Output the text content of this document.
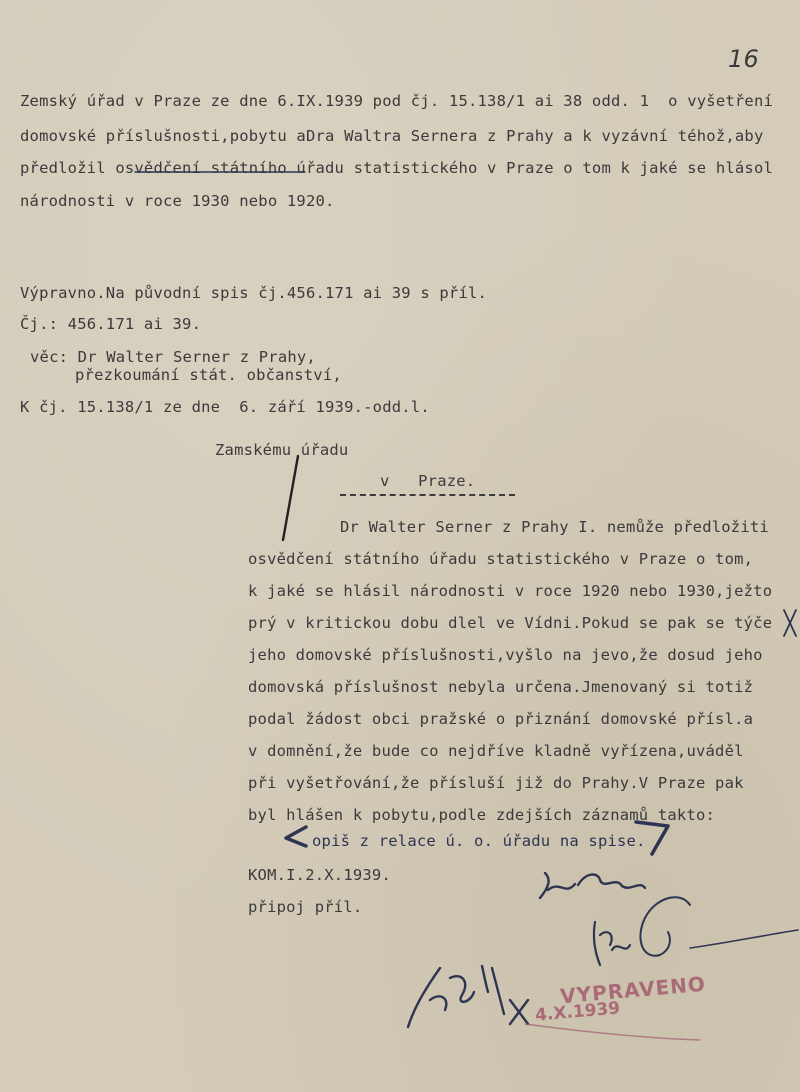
16
Zemský úřad v Praze ze dne 6.IX.1939 pod čj. 15.138/1 ai 38 odd. 1  o vyšetření
domovské příslušnosti,pobytu aDra Waltra Sernera z Prahy a k vyzávní téhož,aby
předložil osvědčení státního úřadu statistického v Praze o tom k jaké se hlásol
národnosti v roce 1930 nebo 1920.
Výpravno.Na původní spis čj.456.171 ai 39 s příl.
Čj.: 456.171 ai 39.
věc: Dr Walter Serner z Prahy,
přezkoumání stát. občanství,
K čj. 15.138/1 ze dne  6. září 1939.-odd.l.
Zamskému úřadu
v   Praze.
Dr Walter Serner z Prahy I. nemůže předložiti
osvědčení státního úřadu statistického v Praze o tom,
k jaké se hlásil národnosti v roce 1920 nebo 1930,ježto
prý v kritickou dobu dlel ve Vídni.Pokud se pak se týče
jeho domovské příslušnosti,vyšlo na jevo,že dosud jeho
domovská příslušnost nebyla určena.Jmenovaný si totiž
podal žádost obci pražské o přiznání domovské přísl.a
v domnění,že bude co nejdříve kladně vyřízena,uváděl
při vyšetřování,že přísluší již do Prahy.V Praze pak
byl hlášen k pobytu,podle zdejších záznamů takto:
opiš z relace ú. o. úřadu na spise.
KOM.I.2.X.1939.
připoj příl.
VYPRAVENO
4.X.1939
